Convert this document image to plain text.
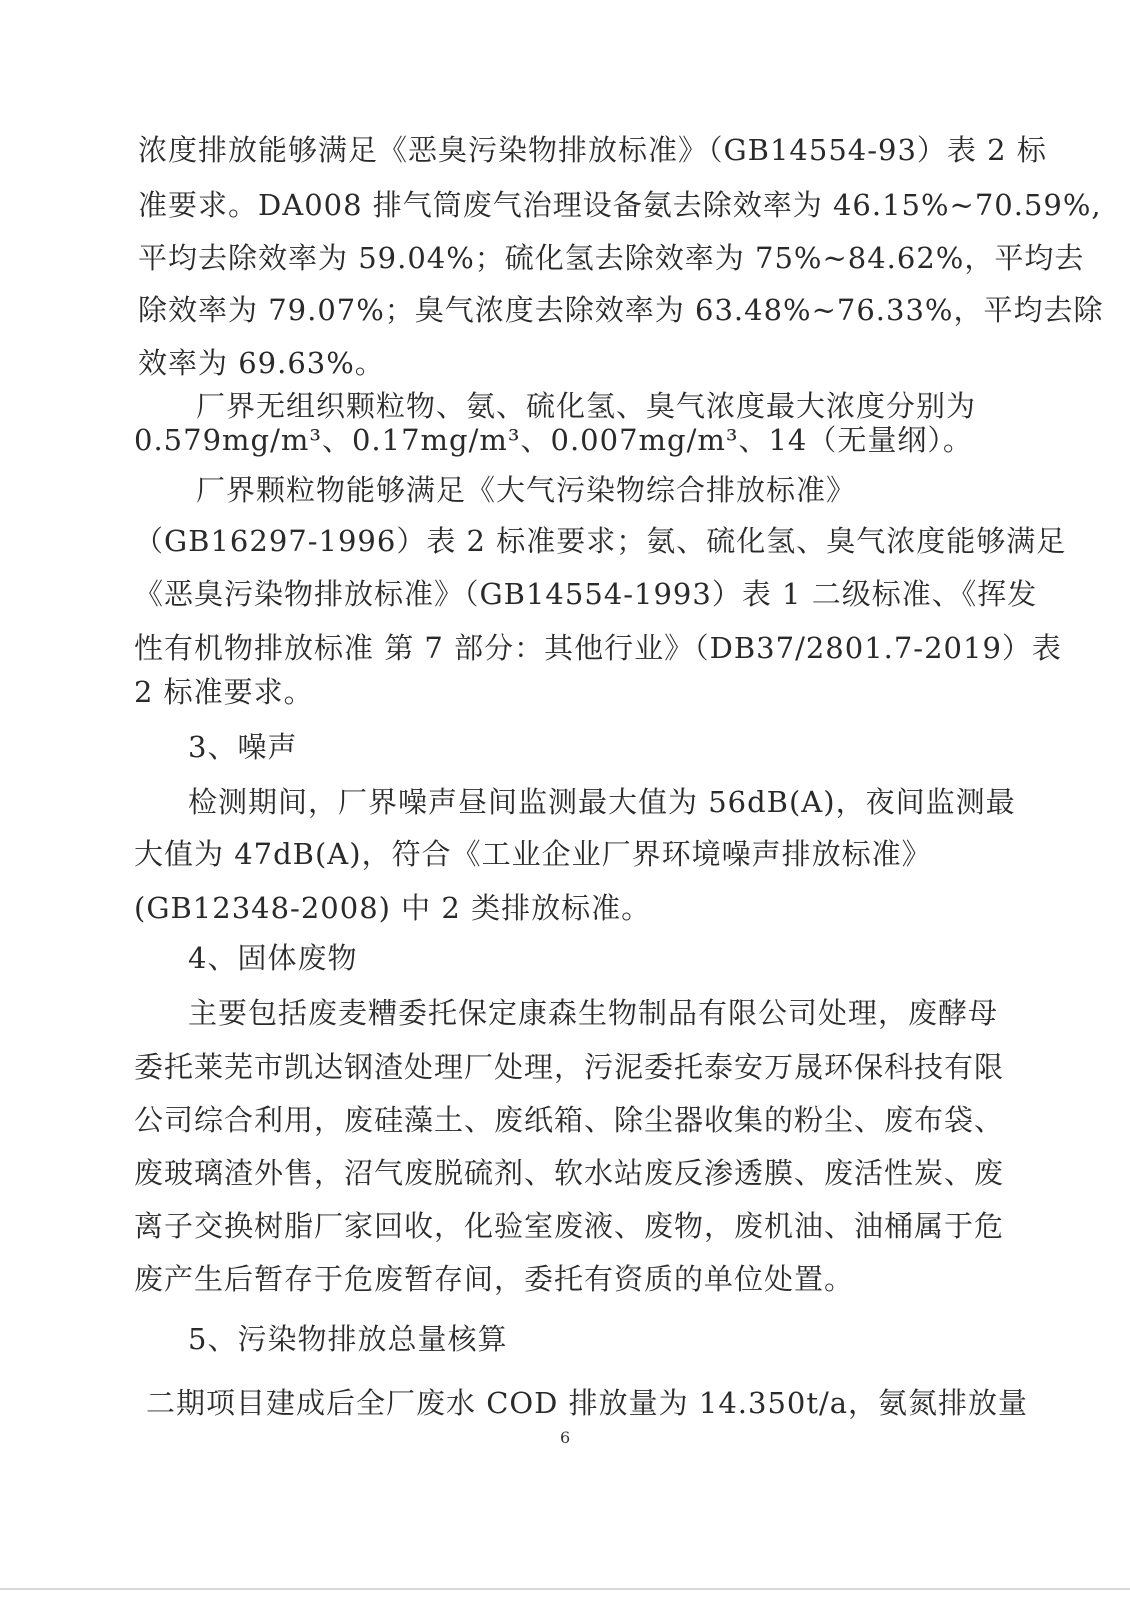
浓度排放能够满足《恶臭污染物排放标准》（GB14554-93）表 2 标
准要求。DA008 排气筒废气治理设备氨去除效率为 46.15%~70.59%,
平均去除效率为 59.04%；硫化氢去除效率为 75%~84.62%，平均去
除效率为 79.07%；臭气浓度去除效率为 63.48%~76.33%，平均去除
效率为 69.63%。
厂界无组织颗粒物、氨、硫化氢、臭气浓度最大浓度分别为
0.579mg/m³、0.17mg/m³、0.007mg/m³、14（无量纲）。
厂界颗粒物能够满足《大气污染物综合排放标准》
（GB16297-1996）表 2 标准要求；氨、硫化氢、臭气浓度能够满足
《恶臭污染物排放标准》（GB14554-1993）表 1 二级标准、《挥发
性有机物排放标准 第 7 部分：其他行业》（DB37/2801.7-2019）表
2 标准要求。
3、噪声
检测期间，厂界噪声昼间监测最大值为 56dB(A)，夜间监测最
大值为 47dB(A)，符合《工业企业厂界环境噪声排放标准》
(GB12348-2008) 中 2 类排放标准。
4、固体废物
主要包括废麦糟委托保定康森生物制品有限公司处理，废酵母
委托莱芜市凯达钢渣处理厂处理，污泥委托泰安万晟环保科技有限
公司综合利用，废硅藻土、废纸箱、除尘器收集的粉尘、废布袋、
废玻璃渣外售，沼气废脱硫剂、软水站废反渗透膜、废活性炭、废
离子交换树脂厂家回收，化验室废液、废物，废机油、油桶属于危
废产生后暂存于危废暂存间，委托有资质的单位处置。
5、污染物排放总量核算
二期项目建成后全厂废水 COD 排放量为 14.350t/a，氨氮排放量
6
